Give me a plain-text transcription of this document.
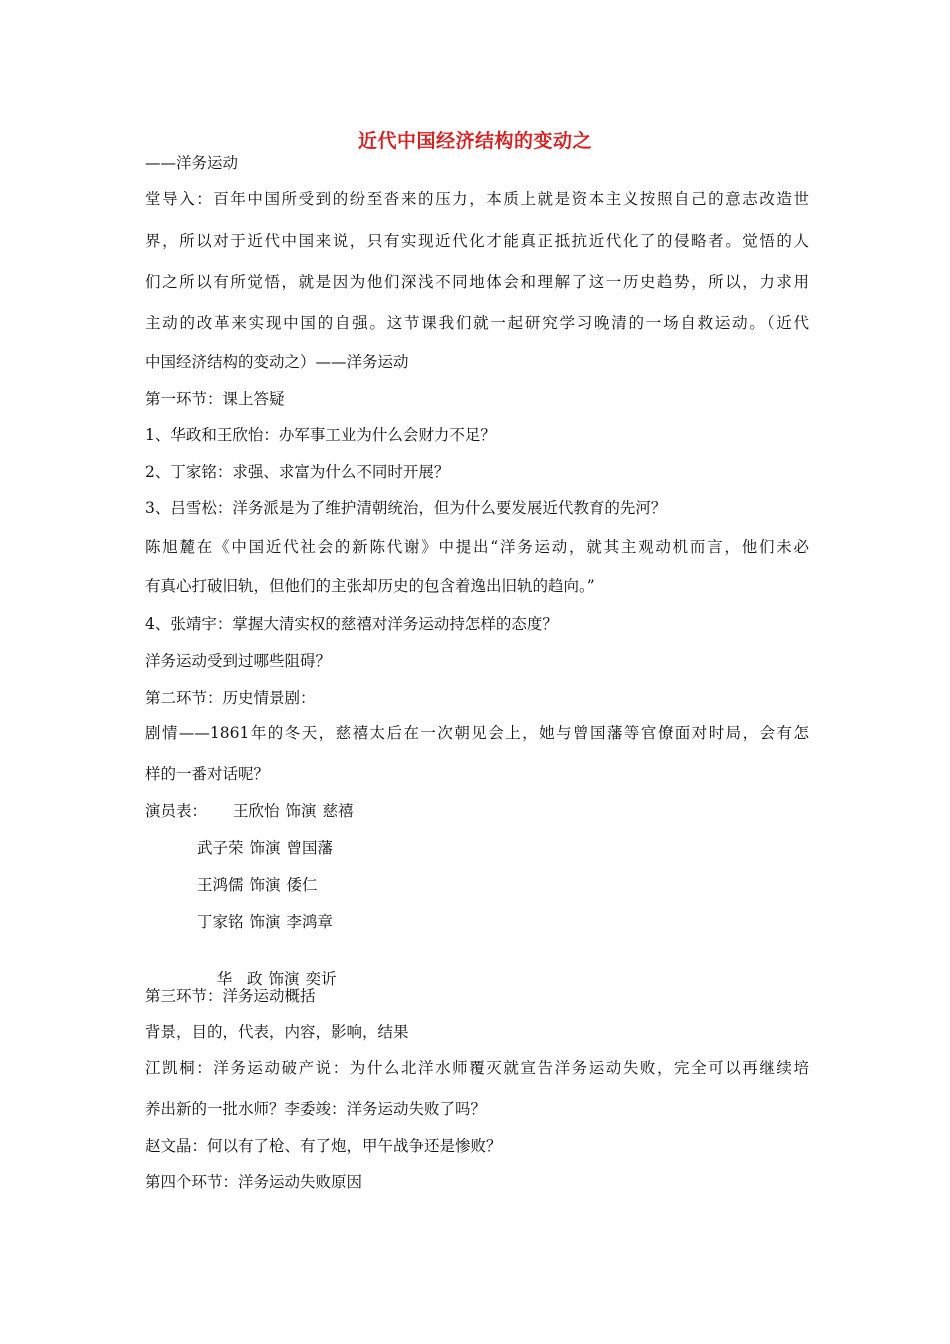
近代中国经济结构的变动之
——洋务运动
堂导入：百年中国所受到的纷至沓来的压力，本质上就是资本主义按照自己的意志改造世
界，所以对于近代中国来说，只有实现近代化才能真正抵抗近代化了的侵略者。觉悟的人
们之所以有所觉悟，就是因为他们深浅不同地体会和理解了这一历史趋势，所以，力求用
主动的改革来实现中国的自强。这节课我们就一起研究学习晚清的一场自救运动。（近代
中国经济结构的变动之）——洋务运动
第一环节：课上答疑
1、华政和王欣怡：办军事工业为什么会财力不足？
2、丁家铭：求强、求富为什么不同时开展？
3、吕雪松：洋务派是为了维护清朝统治，但为什么要发展近代教育的先河？
陈旭麓在《中国近代社会的新陈代谢》中提出“洋务运动，就其主观动机而言，他们未必
有真心打破旧轨，但他们的主张却历史的包含着逸出旧轨的趋向。”
4、张靖宇：掌握大清实权的慈禧对洋务运动持怎样的态度？
洋务运动受到过哪些阻碍？
第二环节：历史情景剧：
剧情——1861年的冬天，慈禧太后在一次朝见会上，她与曾国藩等官僚面对时局，会有怎
样的一番对话呢？
演员表： 王欣怡 饰演 慈禧
武子荣 饰演 曾国藩
王鸿儒 饰演 倭仁
丁家铭 饰演 李鸿章

华   政 饰演 奕䜣

第三环节：洋务运动概括
背景，目的，代表，内容，影响，结果
江凯桐：洋务运动破产说：为什么北洋水师覆灭就宣告洋务运动失败，完全可以再继续培
养出新的一批水师？李委竣：洋务运动失败了吗？
赵文晶：何以有了枪、有了炮，甲午战争还是惨败？
第四个环节：洋务运动失败原因
